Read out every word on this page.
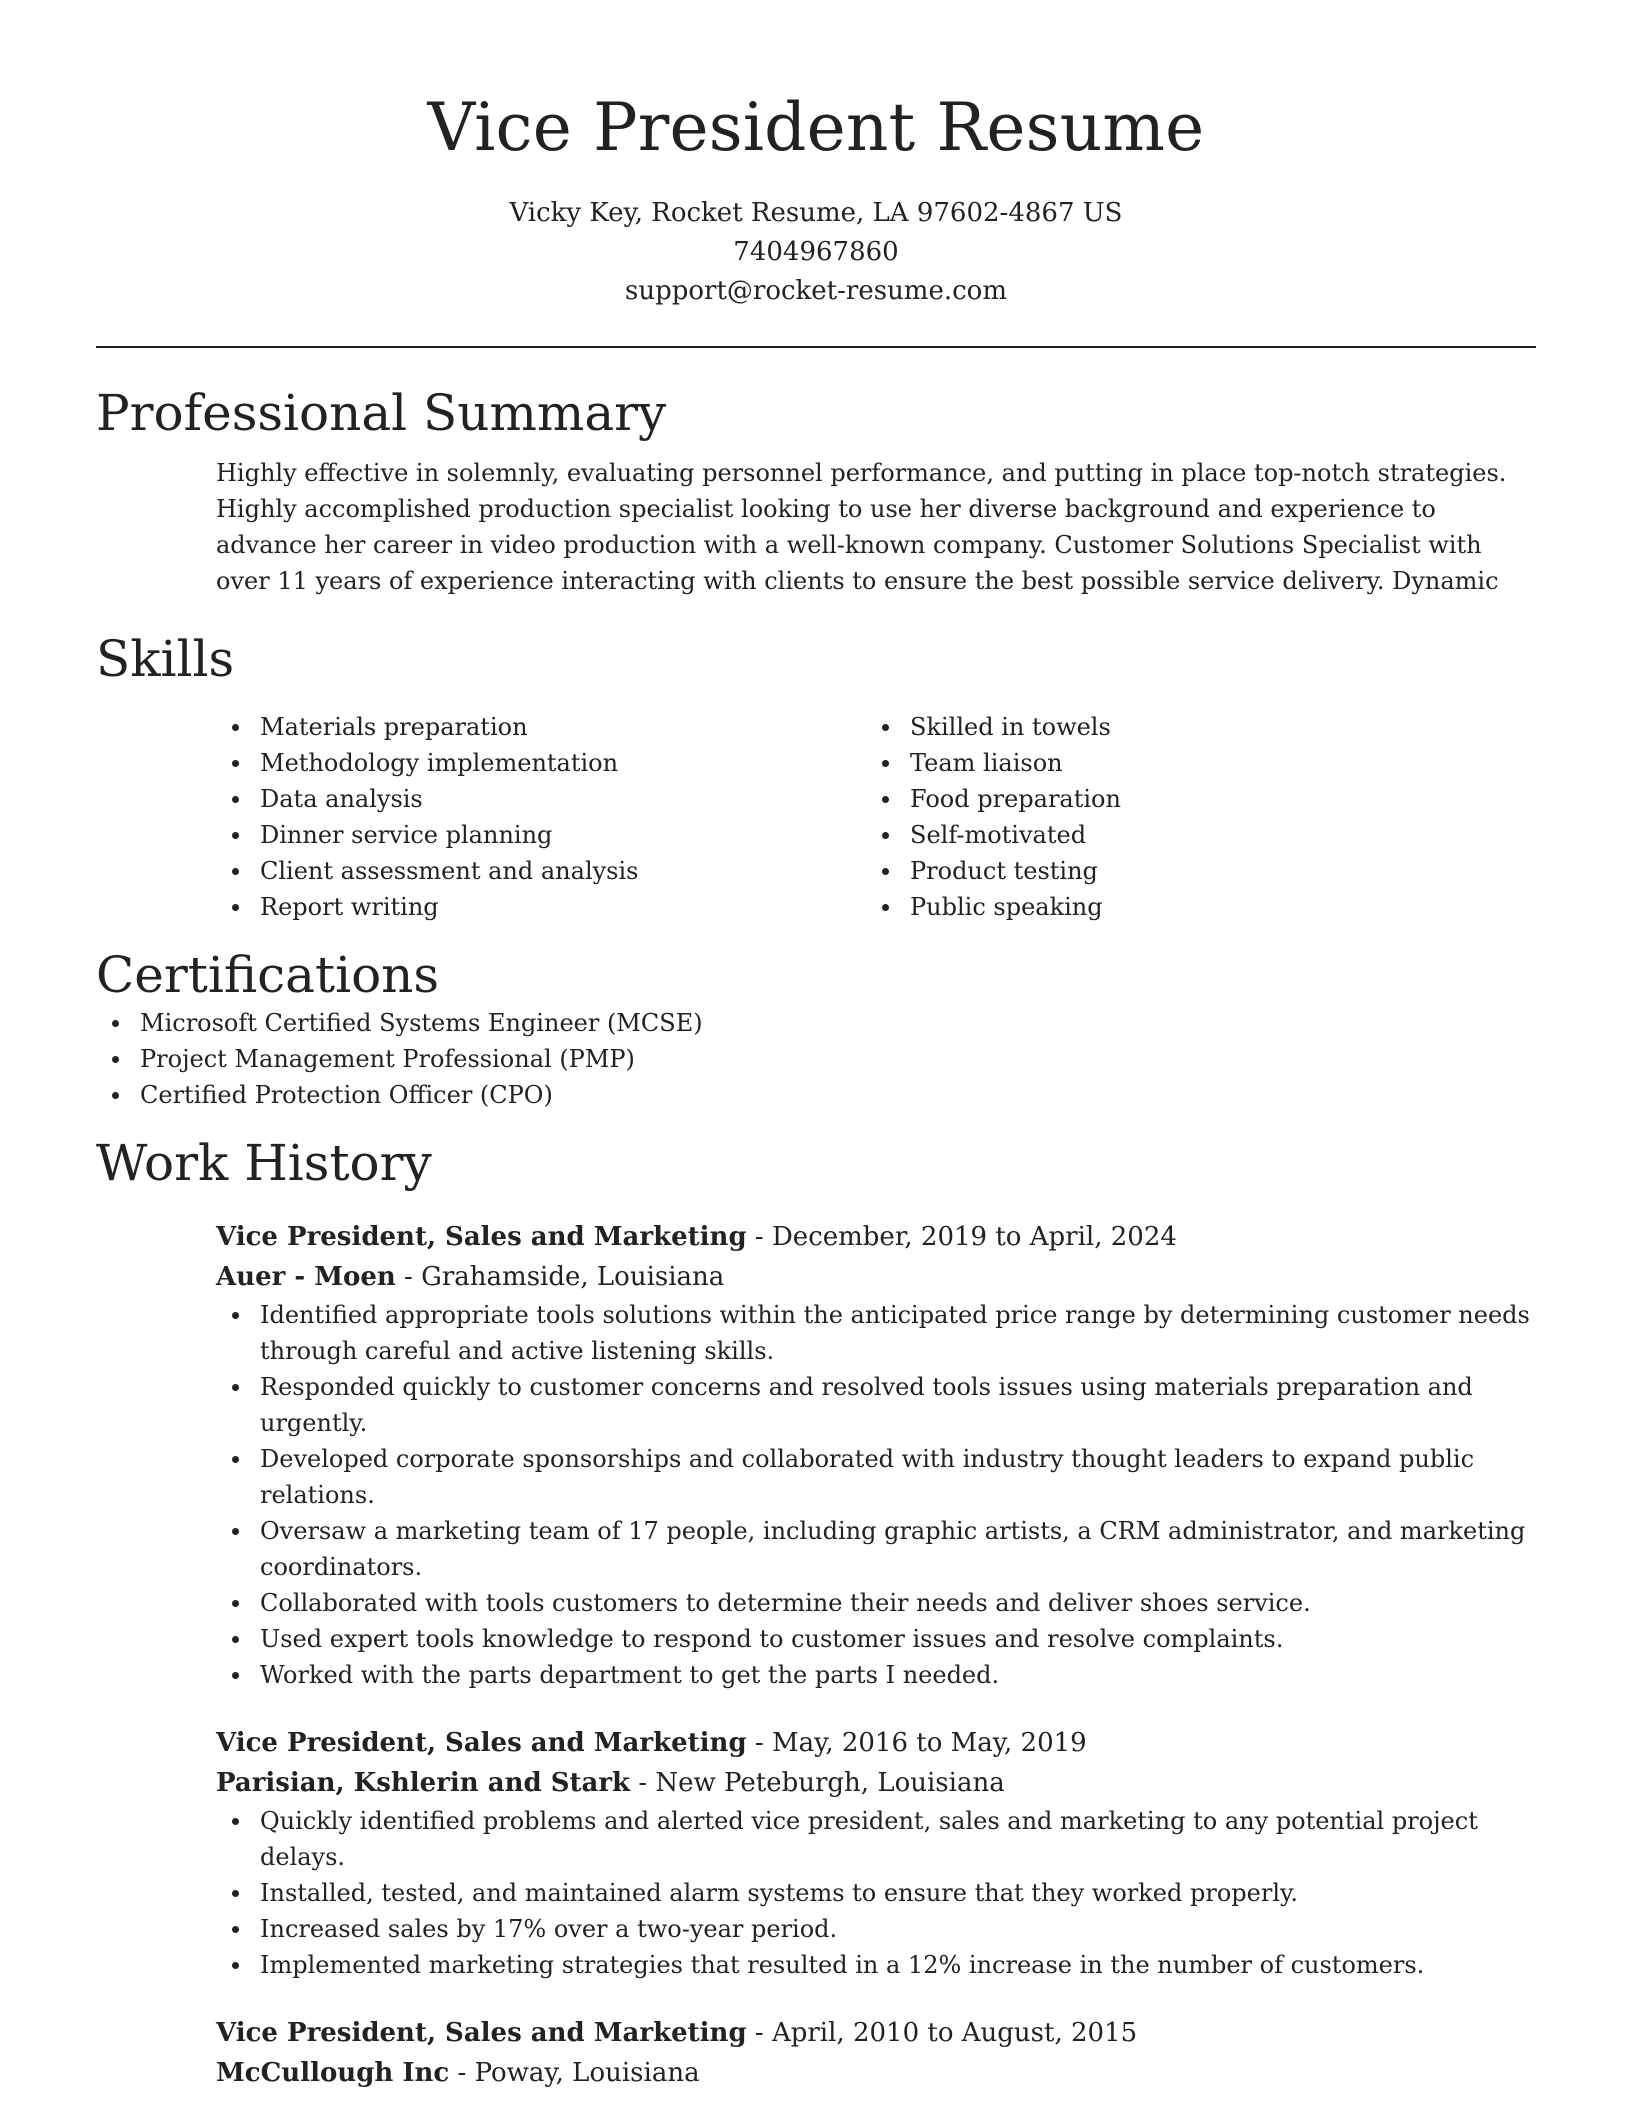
Vice President Resume
Vicky Key, Rocket Resume, LA 97602-4867 US
7404967860
support@rocket-resume.com
Professional Summary

Highly effective in solemnly, evaluating personnel performance, and putting in place top-notch strategies. Highly accomplished production specialist looking to use her diverse background and experience to advance her career in video production with a well-known company. Customer Solutions Specialist with over 11 years of experience interacting with clients to ensure the best possible service delivery. Dynamic

Skills
Materials preparation
Methodology implementation
Data analysis
Dinner service planning
Client assessment and analysis
Report writing
Skilled in towels
Team liaison
Food preparation
Self-motivated
Product testing
Public speaking
Certifications
Microsoft Certified Systems Engineer (MCSE)
Project Management Professional (PMP)
Certified Protection Officer (CPO)
Work History
Vice President, Sales and Marketing - December, 2019 to April, 2024
Auer - Moen - Grahamside, Louisiana
Identified appropriate tools solutions within the anticipated price range by determining customer needs through careful and active listening skills.
Responded quickly to customer concerns and resolved tools issues using materials preparation and urgently.
Developed corporate sponsorships and collaborated with industry thought leaders to expand public relations.
Oversaw a marketing team of 17 people, including graphic artists, a CRM administrator, and marketing coordinators.
Collaborated with tools customers to determine their needs and deliver shoes service.
Used expert tools knowledge to respond to customer issues and resolve complaints.
Worked with the parts department to get the parts I needed.
Vice President, Sales and Marketing - May, 2016 to May, 2019
Parisian, Kshlerin and Stark - New Peteburgh, Louisiana
Quickly identified problems and alerted vice president, sales and marketing to any potential project delays.
Installed, tested, and maintained alarm systems to ensure that they worked properly.
Increased sales by 17% over a two-year period.
Implemented marketing strategies that resulted in a 12% increase in the number of customers.
Vice President, Sales and Marketing - April, 2010 to August, 2015
McCullough Inc - Poway, Louisiana
